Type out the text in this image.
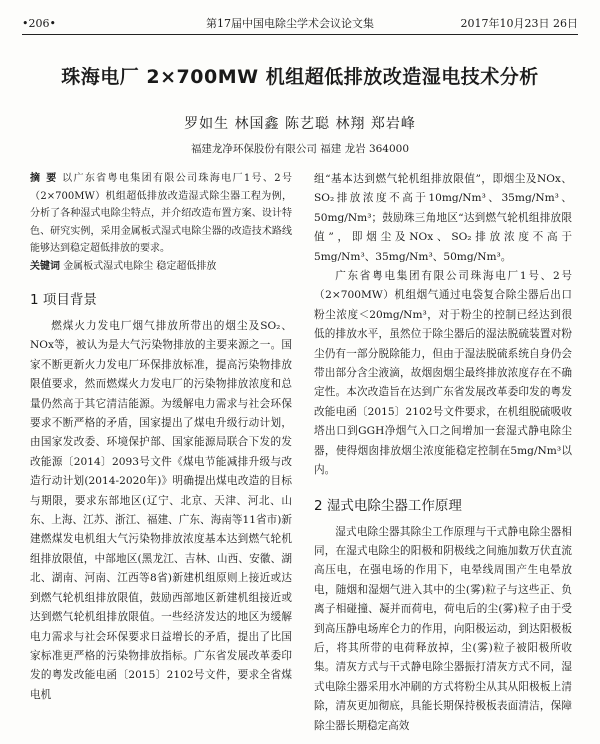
•206•	第17届中国电除尘学术会议论文集	2017年10月23日 26日
珠海电厂 2×700MW 机组超低排放改造湿电技术分析
罗如生 林国鑫 陈艺聪 林翔 郑岩峰
福建龙净环保股份有限公司 福建 龙岩 364000

摘 要 以广东省粤电集团有限公司珠海电厂1号、2号（2×700MW）机组超低排放改造湿式除尘器工程为例，分析了各种湿式电除尘特点，并介绍改造布置方案、设计特色、研究实例，采用金属板式湿式电除尘器的改造技术路线能够达到稳定超低排放的要求。

关键词 金属板式湿式电除尘 稳定超低排放

1 项目背景

燃煤火力发电厂烟气排放所带出的烟尘及SO₂、NOx等，被认为是大气污染物排放的主要来源之一。国家不断更新火力发电厂环保排放标准，提高污染物排放限值要求，然而燃煤火力发电厂的污染物排放浓度和总量仍然高于其它清洁能源。为缓解电力需求与社会环保要求不断严格的矛盾，国家提出了煤电升级行动计划，由国家发改委、环境保护部、国家能源局联合下发的发改能源〔2014〕2093号文件《煤电节能减排升级与改造行动计划(2014-2020年)》明确提出煤电改造的目标与期限，要求东部地区(辽宁、北京、天津、河北、山东、上海、江苏、浙江、福建、广东、海南等11省市)新建燃煤发电机组大气污染物排放浓度基本达到燃气轮机组排放限值，中部地区(黑龙江、吉林、山西、安徽、湖北、湖南、河南、江西等8省)新建机组原则上接近或达到燃气轮机组排放限值，鼓励西部地区新建机组接近或达到燃气轮机组排放限值。一些经济发达的地区为缓解电力需求与社会环保要求日益增长的矛盾，提出了比国家标准更严格的污染物排放指标。广东省发展改革委印发的粤发改能电函〔2015〕2102号文件，要求全省煤电机

组“基本达到燃气轮机组排放限值”，即烟尘及NOx、SO₂排放浓度不高于10mg/Nm³、35mg/Nm³、50mg/Nm³；鼓励珠三角地区“达到燃气轮机组排放限值”，即烟尘及NOx、SO₂排放浓度不高于5mg/Nm³、35mg/Nm³、50mg/Nm³。

广东省粤电集团有限公司珠海电厂1号、2号（2×700MW）机组烟气通过电袋复合除尘器后出口粉尘浓度＜20mg/Nm³，对于粉尘的控制已经达到很低的排放水平，虽然位于除尘器后的湿法脱硫装置对粉尘仍有一部分脱除能力，但由于湿法脱硫系统自身仍会带出部分含尘液滴，故烟囱烟尘最终排放浓度存在不确定性。本次改造旨在达到广东省发展改革委印发的粤发改能电函〔2015〕2102号文件要求，在机组脱硫吸收塔出口到GGH净烟气入口之间增加一套湿式静电除尘器，使得烟囱排放烟尘浓度能稳定控制在5mg/Nm³以内。

2 湿式电除尘器工作原理

湿式电除尘器其除尘工作原理与干式静电除尘器相同，在湿式电除尘的阳极和阴极线之间施加数万伏直流高压电，在强电场的作用下，电晕线周围产生电晕放电，随烟和湿烟气进入其中的尘(雾)粒子与这些正、负离子相碰撞、凝并而荷电，荷电后的尘(雾)粒子由于受到高压静电场库仑力的作用，向阳极运动，到达阳极板后，将其所带的电荷释放掉，尘(雾)粒子被阳极所收集。清灰方式与干式静电除尘器振打清灰方式不同，湿式电除尘器采用水冲刷的方式将粉尘从其从阳极板上清除，清灰更加彻底，具能长期保持极板表面清洁，保障除尘器长期稳定高效
